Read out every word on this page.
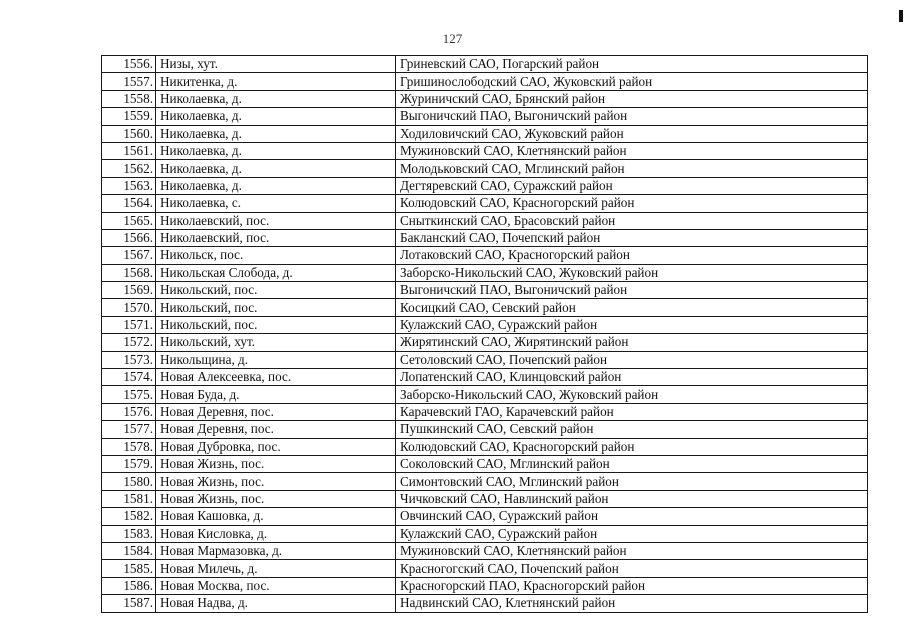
127
1556.	Низы, хут.	Гриневский САО, Погарский район
1557.	Никитенка, д.	Гришинослободский САО, Жуковский район
1558.	Николаевка, д.	Журиничский САО, Брянский район
1559.	Николаевка, д.	Выгоничский ПАО, Выгоничский район
1560.	Николаевка, д.	Ходиловичский САО, Жуковский район
1561.	Николаевка, д.	Мужиновский САО, Клетнянский район
1562.	Николаевка, д.	Молодьковский САО, Мглинский район
1563.	Николаевка, д.	Дегтяревский САО, Суражский район
1564.	Николаевка, с.	Колюдовский САО, Красногорский район
1565.	Николаевский, пос.	Сныткинский САО, Брасовский район
1566.	Николаевский, пос.	Бакланский САО, Почепский район
1567.	Никольск, пос.	Лотаковский САО, Красногорский район
1568.	Никольская Слобода, д.	Заборско-Никольский САО, Жуковский район
1569.	Никольский, пос.	Выгоничский ПАО, Выгоничский район
1570.	Никольский, пос.	Косицкий САО, Севский район
1571.	Никольский, пос.	Кулажский САО, Суражский район
1572.	Никольский, хут.	Жирятинский САО, Жирятинский район
1573.	Никольщина, д.	Сетоловский САО, Почепский район
1574.	Новая Алексеевка, пос.	Лопатенский САО, Клинцовский район
1575.	Новая Буда, д.	Заборско-Никольский САО, Жуковский район
1576.	Новая Деревня, пос.	Карачевский ГАО, Карачевский район
1577.	Новая Деревня, пос.	Пушкинский САО, Севский район
1578.	Новая Дубровка, пос.	Колюдовский САО, Красногорский район
1579.	Новая Жизнь, пос.	Соколовский САО, Мглинский район
1580.	Новая Жизнь, пос.	Симонтовский САО, Мглинский район
1581.	Новая Жизнь, пос.	Чичковский САО, Навлинский район
1582.	Новая Кашовка, д.	Овчинский САО, Суражский район
1583.	Новая Кисловка, д.	Кулажский САО, Суражский район
1584.	Новая Мармазовка, д.	Мужиновский САО, Клетнянский район
1585.	Новая Милечь, д.	Красногогский САО, Почепский район
1586.	Новая Москва, пос.	Красногорский ПАО, Красногорский район
1587.	Новая Надва, д.	Надвинский САО, Клетнянский район
